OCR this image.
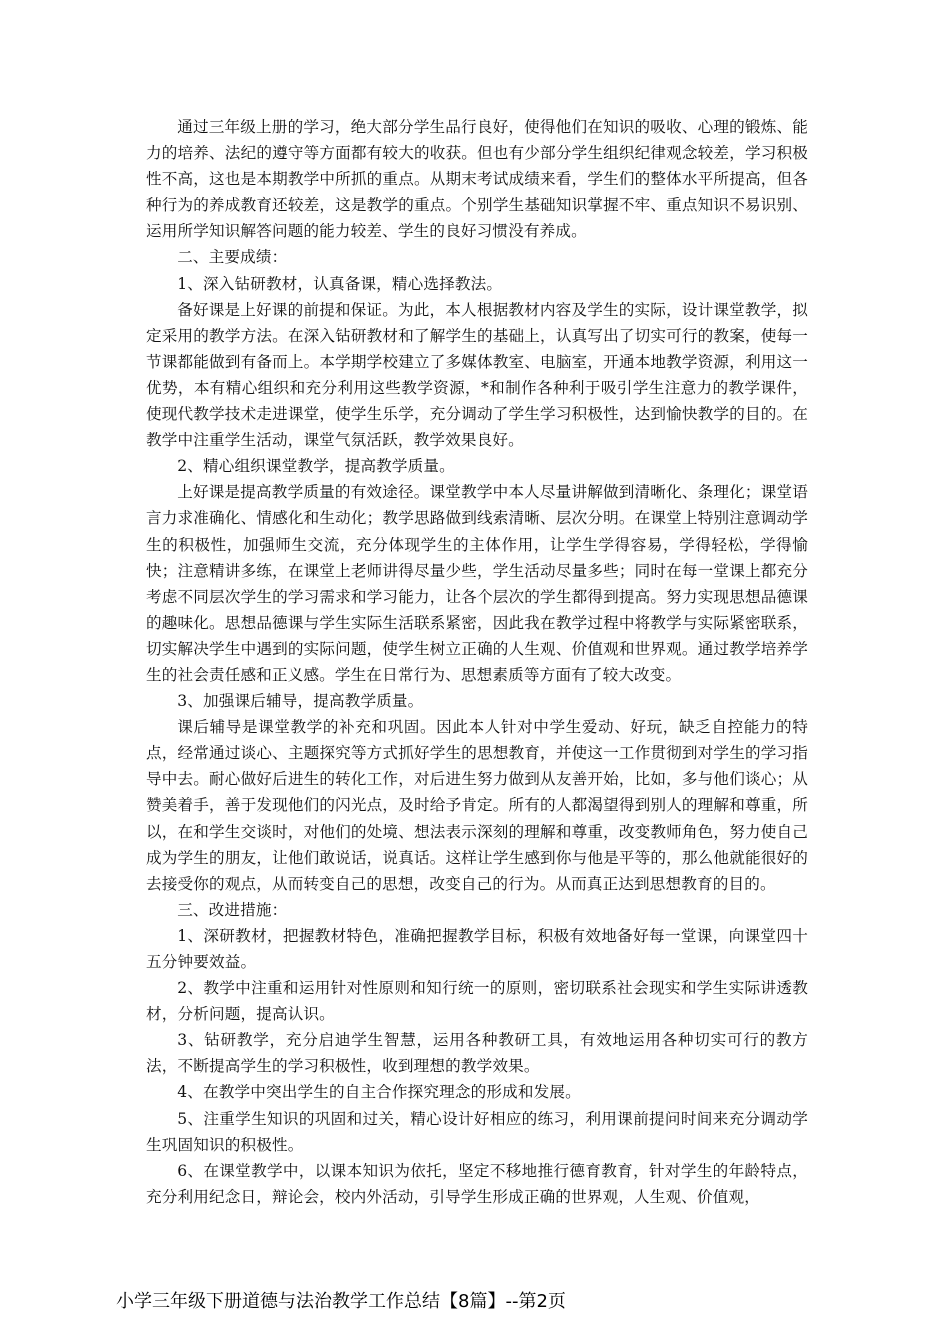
通过三年级上册的学习，绝大部分学生品行良好，使得他们在知识的吸收、心理的锻炼、能力的培养、法纪的遵守等方面都有较大的收获。但也有少部分学生组织纪律观念较差，学习积极性不高，这也是本期教学中所抓的重点。从期末考试成绩来看，学生们的整体水平所提高，但各种行为的养成教育还较差，这是教学的重点。个别学生基础知识掌握不牢、重点知识不易识别、运用所学知识解答问题的能力较差、学生的良好习惯没有养成。

二、主要成绩：

1、深入钻研教材，认真备课，精心选择教法。

备好课是上好课的前提和保证。为此，本人根据教材内容及学生的实际，设计课堂教学，拟定采用的教学方法。在深入钻研教材和了解学生的基础上，认真写出了切实可行的教案，使每一节课都能做到有备而上。本学期学校建立了多媒体教室、电脑室，开通本地教学资源，利用这一优势，本有精心组织和充分利用这些教学资源，*和制作各种利于吸引学生注意力的教学课件，使现代教学技术走进课堂，使学生乐学，充分调动了学生学习积极性，达到愉快教学的目的。在教学中注重学生活动，课堂气氛活跃，教学效果良好。

2、精心组织课堂教学，提高教学质量。

上好课是提高教学质量的有效途径。课堂教学中本人尽量讲解做到清晰化、条理化；课堂语言力求准确化、情感化和生动化；教学思路做到线索清晰、层次分明。在课堂上特别注意调动学生的积极性，加强师生交流，充分体现学生的主体作用，让学生学得容易，学得轻松，学得愉快；注意精讲多练，在课堂上老师讲得尽量少些，学生活动尽量多些；同时在每一堂课上都充分考虑不同层次学生的学习需求和学习能力，让各个层次的学生都得到提高。努力实现思想品德课的趣味化。思想品德课与学生实际生活联系紧密，因此我在教学过程中将教学与实际紧密联系，切实解决学生中遇到的实际问题，使学生树立正确的人生观、价值观和世界观。通过教学培养学生的社会责任感和正义感。学生在日常行为、思想素质等方面有了较大改变。

3、加强课后辅导，提高教学质量。

课后辅导是课堂教学的补充和巩固。因此本人针对中学生爱动、好玩，缺乏自控能力的特点，经常通过谈心、主题探究等方式抓好学生的思想教育，并使这一工作贯彻到对学生的学习指导中去。耐心做好后进生的转化工作，对后进生努力做到从友善开始，比如，多与他们谈心；从赞美着手，善于发现他们的闪光点，及时给予肯定。所有的人都渴望得到别人的理解和尊重，所以，在和学生交谈时，对他们的处境、想法表示深刻的理解和尊重，改变教师角色，努力使自己成为学生的朋友，让他们敢说话，说真话。这样让学生感到你与他是平等的，那么他就能很好的去接受你的观点，从而转变自己的思想，改变自己的行为。从而真正达到思想教育的目的。

三、改进措施：

1、深研教材，把握教材特色，准确把握教学目标，积极有效地备好每一堂课，向课堂四十五分钟要效益。

2、教学中注重和运用针对性原则和知行统一的原则，密切联系社会现实和学生实际讲透教材，分析问题，提高认识。

3、钻研教学，充分启迪学生智慧，运用各种教研工具，有效地运用各种切实可行的教方法，不断提高学生的学习积极性，收到理想的教学效果。

4、在教学中突出学生的自主合作探究理念的形成和发展。

5、注重学生知识的巩固和过关，精心设计好相应的练习，利用课前提问时间来充分调动学生巩固知识的积极性。

6、在课堂教学中，以课本知识为依托，坚定不移地推行德育教育，针对学生的年龄特点，充分利用纪念日，辩论会，校内外活动，引导学生形成正确的世界观，人生观、价值观，

小学三年级下册道德与法治教学工作总结【8篇】--第2页
